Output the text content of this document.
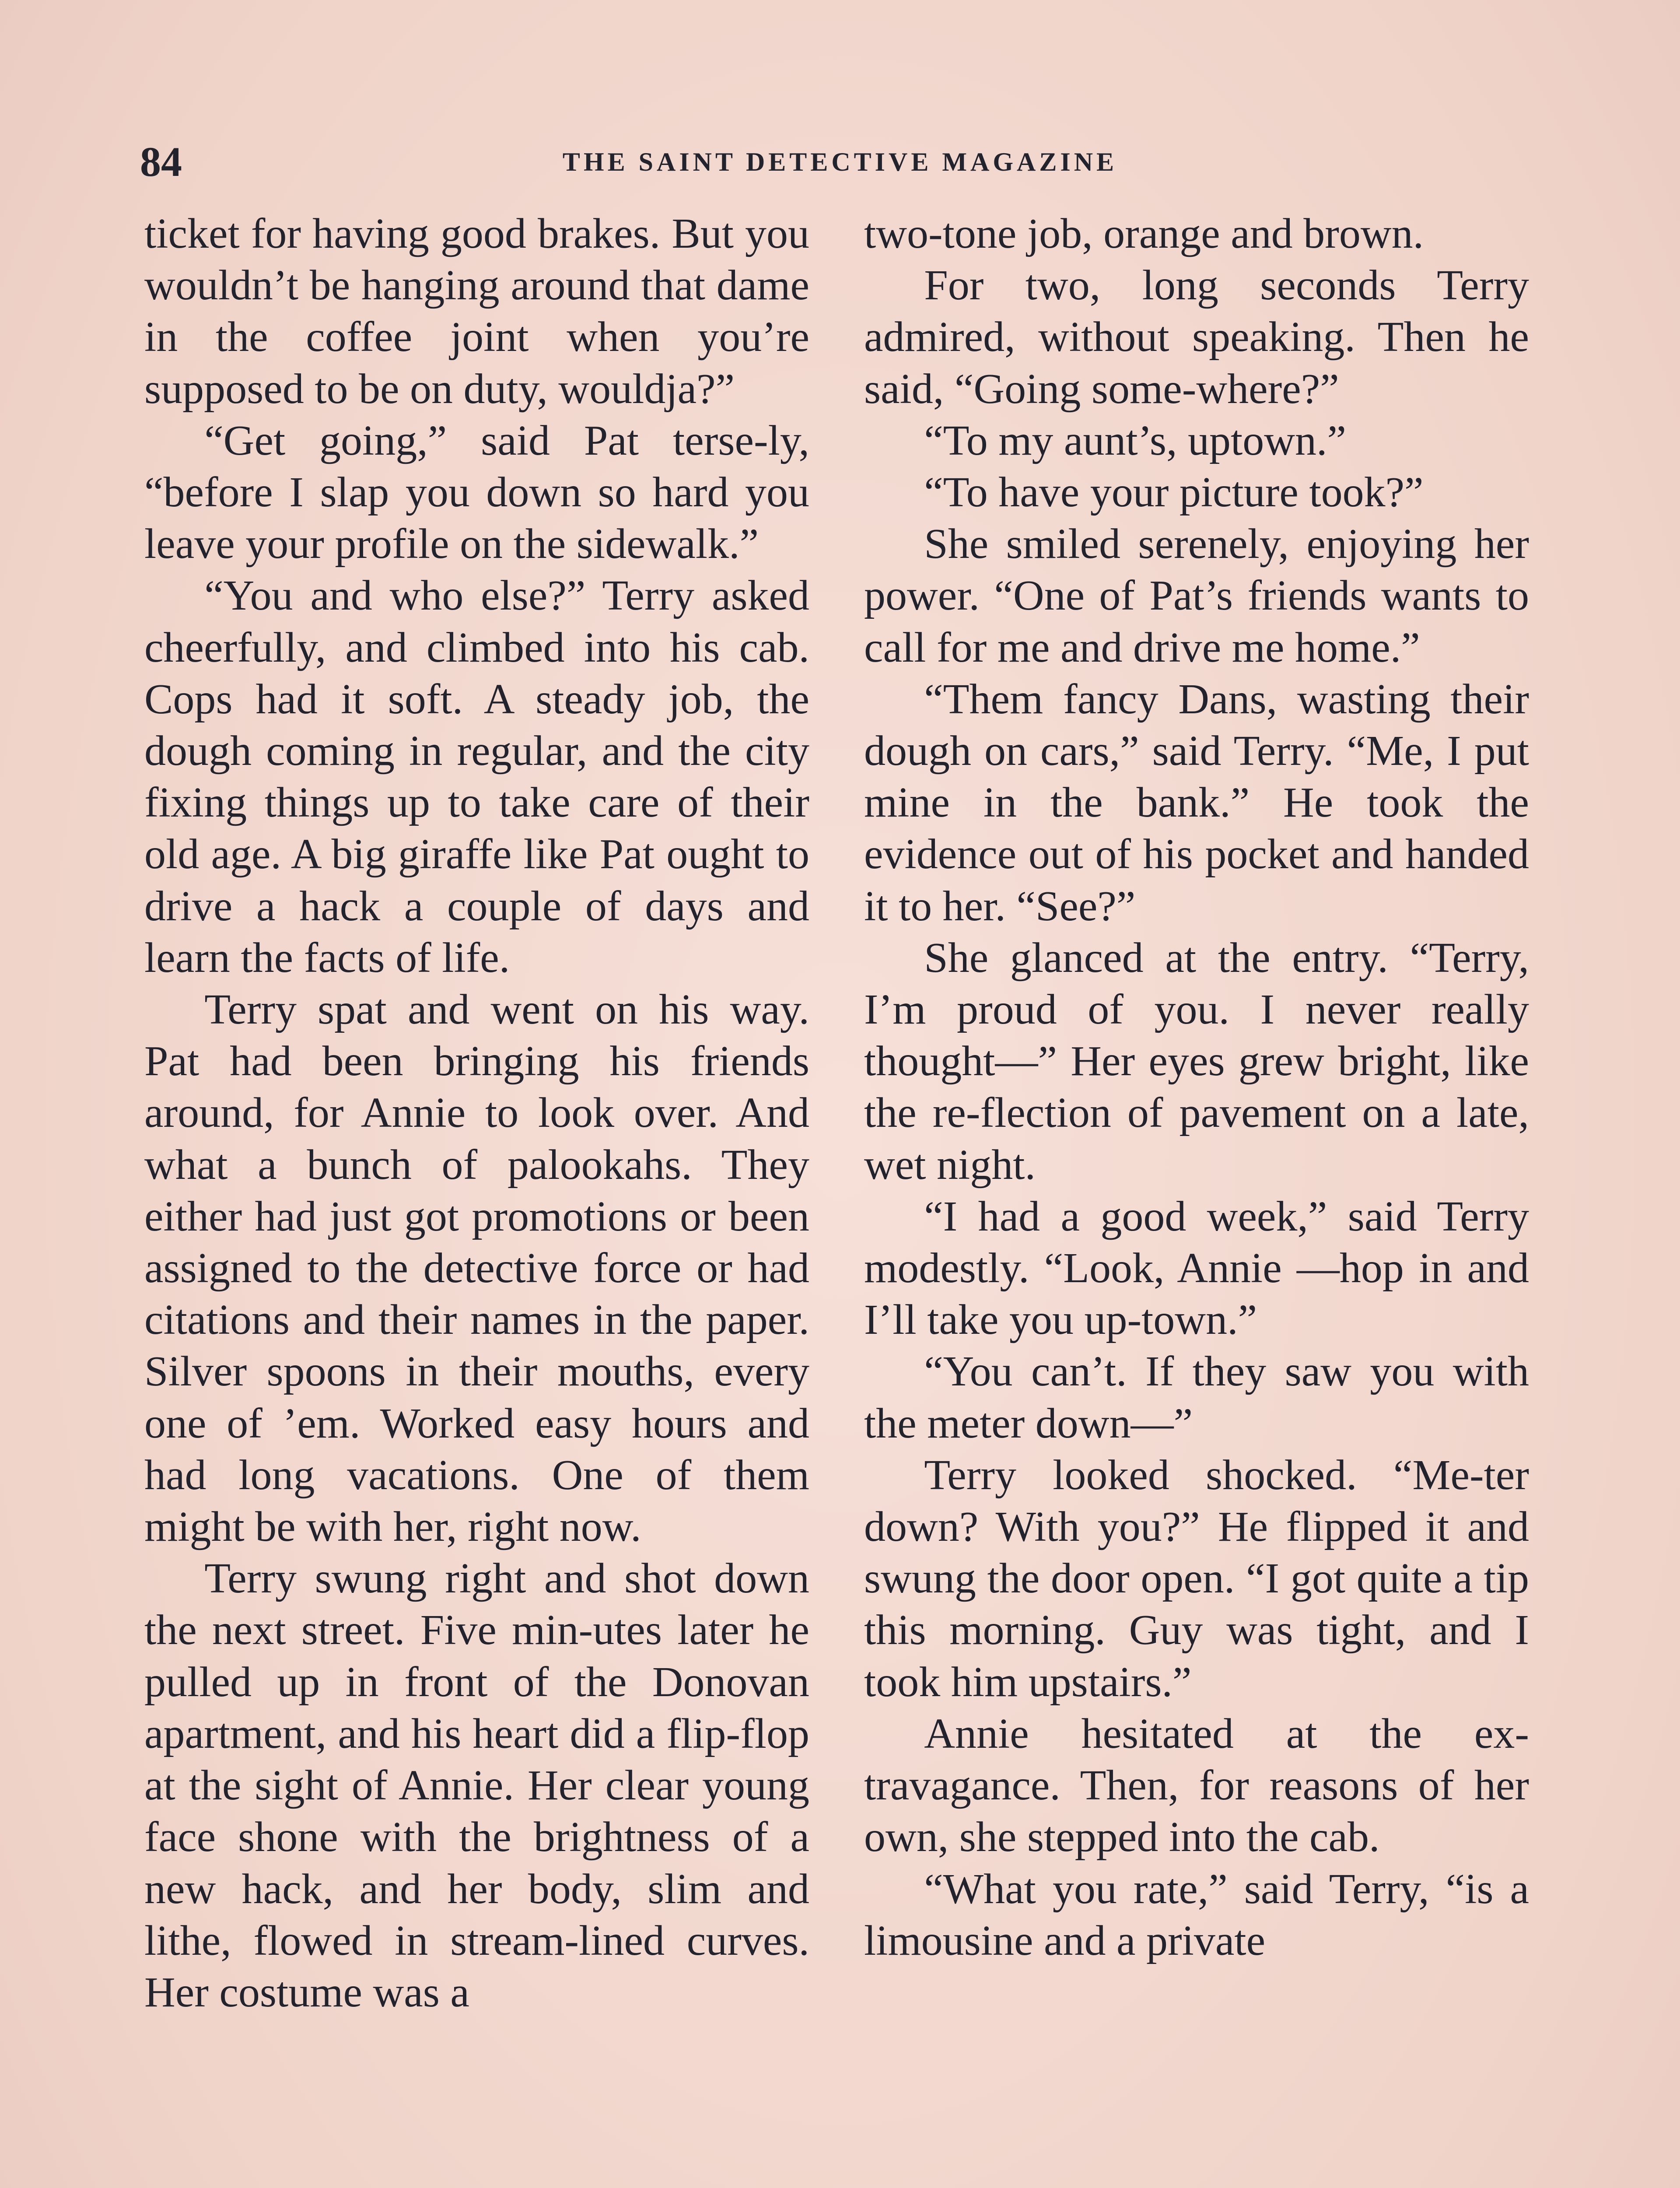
84	THE SAINT DETECTIVE MAGAZINE

ticket for having good brakes. But you wouldn’t be hanging around that dame in the coffee joint when you’re supposed to be on duty, wouldja?”

“Get going,” said Pat terse-ly, “before I slap you down so hard you leave your profile on the sidewalk.”

“You and who else?” Terry asked cheerfully, and climbed into his cab. Cops had it soft. A steady job, the dough coming in regular, and the city fixing things up to take care of their old age. A big giraffe like Pat ought to drive a hack a couple of days and learn the facts of life.

Terry spat and went on his way. Pat had been bringing his friends around, for Annie to look over. And what a bunch of palookahs. They either had just got promotions or been assigned to the detective force or had citations and their names in the paper. Silver spoons in their mouths, every one of ’em. Worked easy hours and had long vacations. One of them might be with her, right now.

Terry swung right and shot down the next street. Five min-utes later he pulled up in front of the Donovan apartment, and his heart did a flip-flop at the sight of Annie. Her clear young face shone with the brightness of a new hack, and her body, slim and lithe, flowed in stream-lined curves. Her costume was a

two-tone job, orange and brown.

For two, long seconds Terry admired, without speaking. Then he said, “Going some-where?”

“To my aunt’s, uptown.”

“To have your picture took?”

She smiled serenely, enjoying her power. “One of Pat’s friends wants to call for me and drive me home.”

“Them fancy Dans, wasting their dough on cars,” said Terry. “Me, I put mine in the bank.” He took the evidence out of his pocket and handed it to her. “See?”

She glanced at the entry. “Terry, I’m proud of you. I never really thought—” Her eyes grew bright, like the re-flection of pavement on a late, wet night.

“I had a good week,” said Terry modestly. “Look, Annie —hop in and I’ll take you up-town.”

“You can’t. If they saw you with the meter down—”

Terry looked shocked. “Me-ter down? With you?” He flipped it and swung the door open. “I got quite a tip this morning. Guy was tight, and I took him upstairs.”

Annie hesitated at the ex-travagance. Then, for reasons of her own, she stepped into the cab.

“What you rate,” said Terry, “is a limousine and a private
